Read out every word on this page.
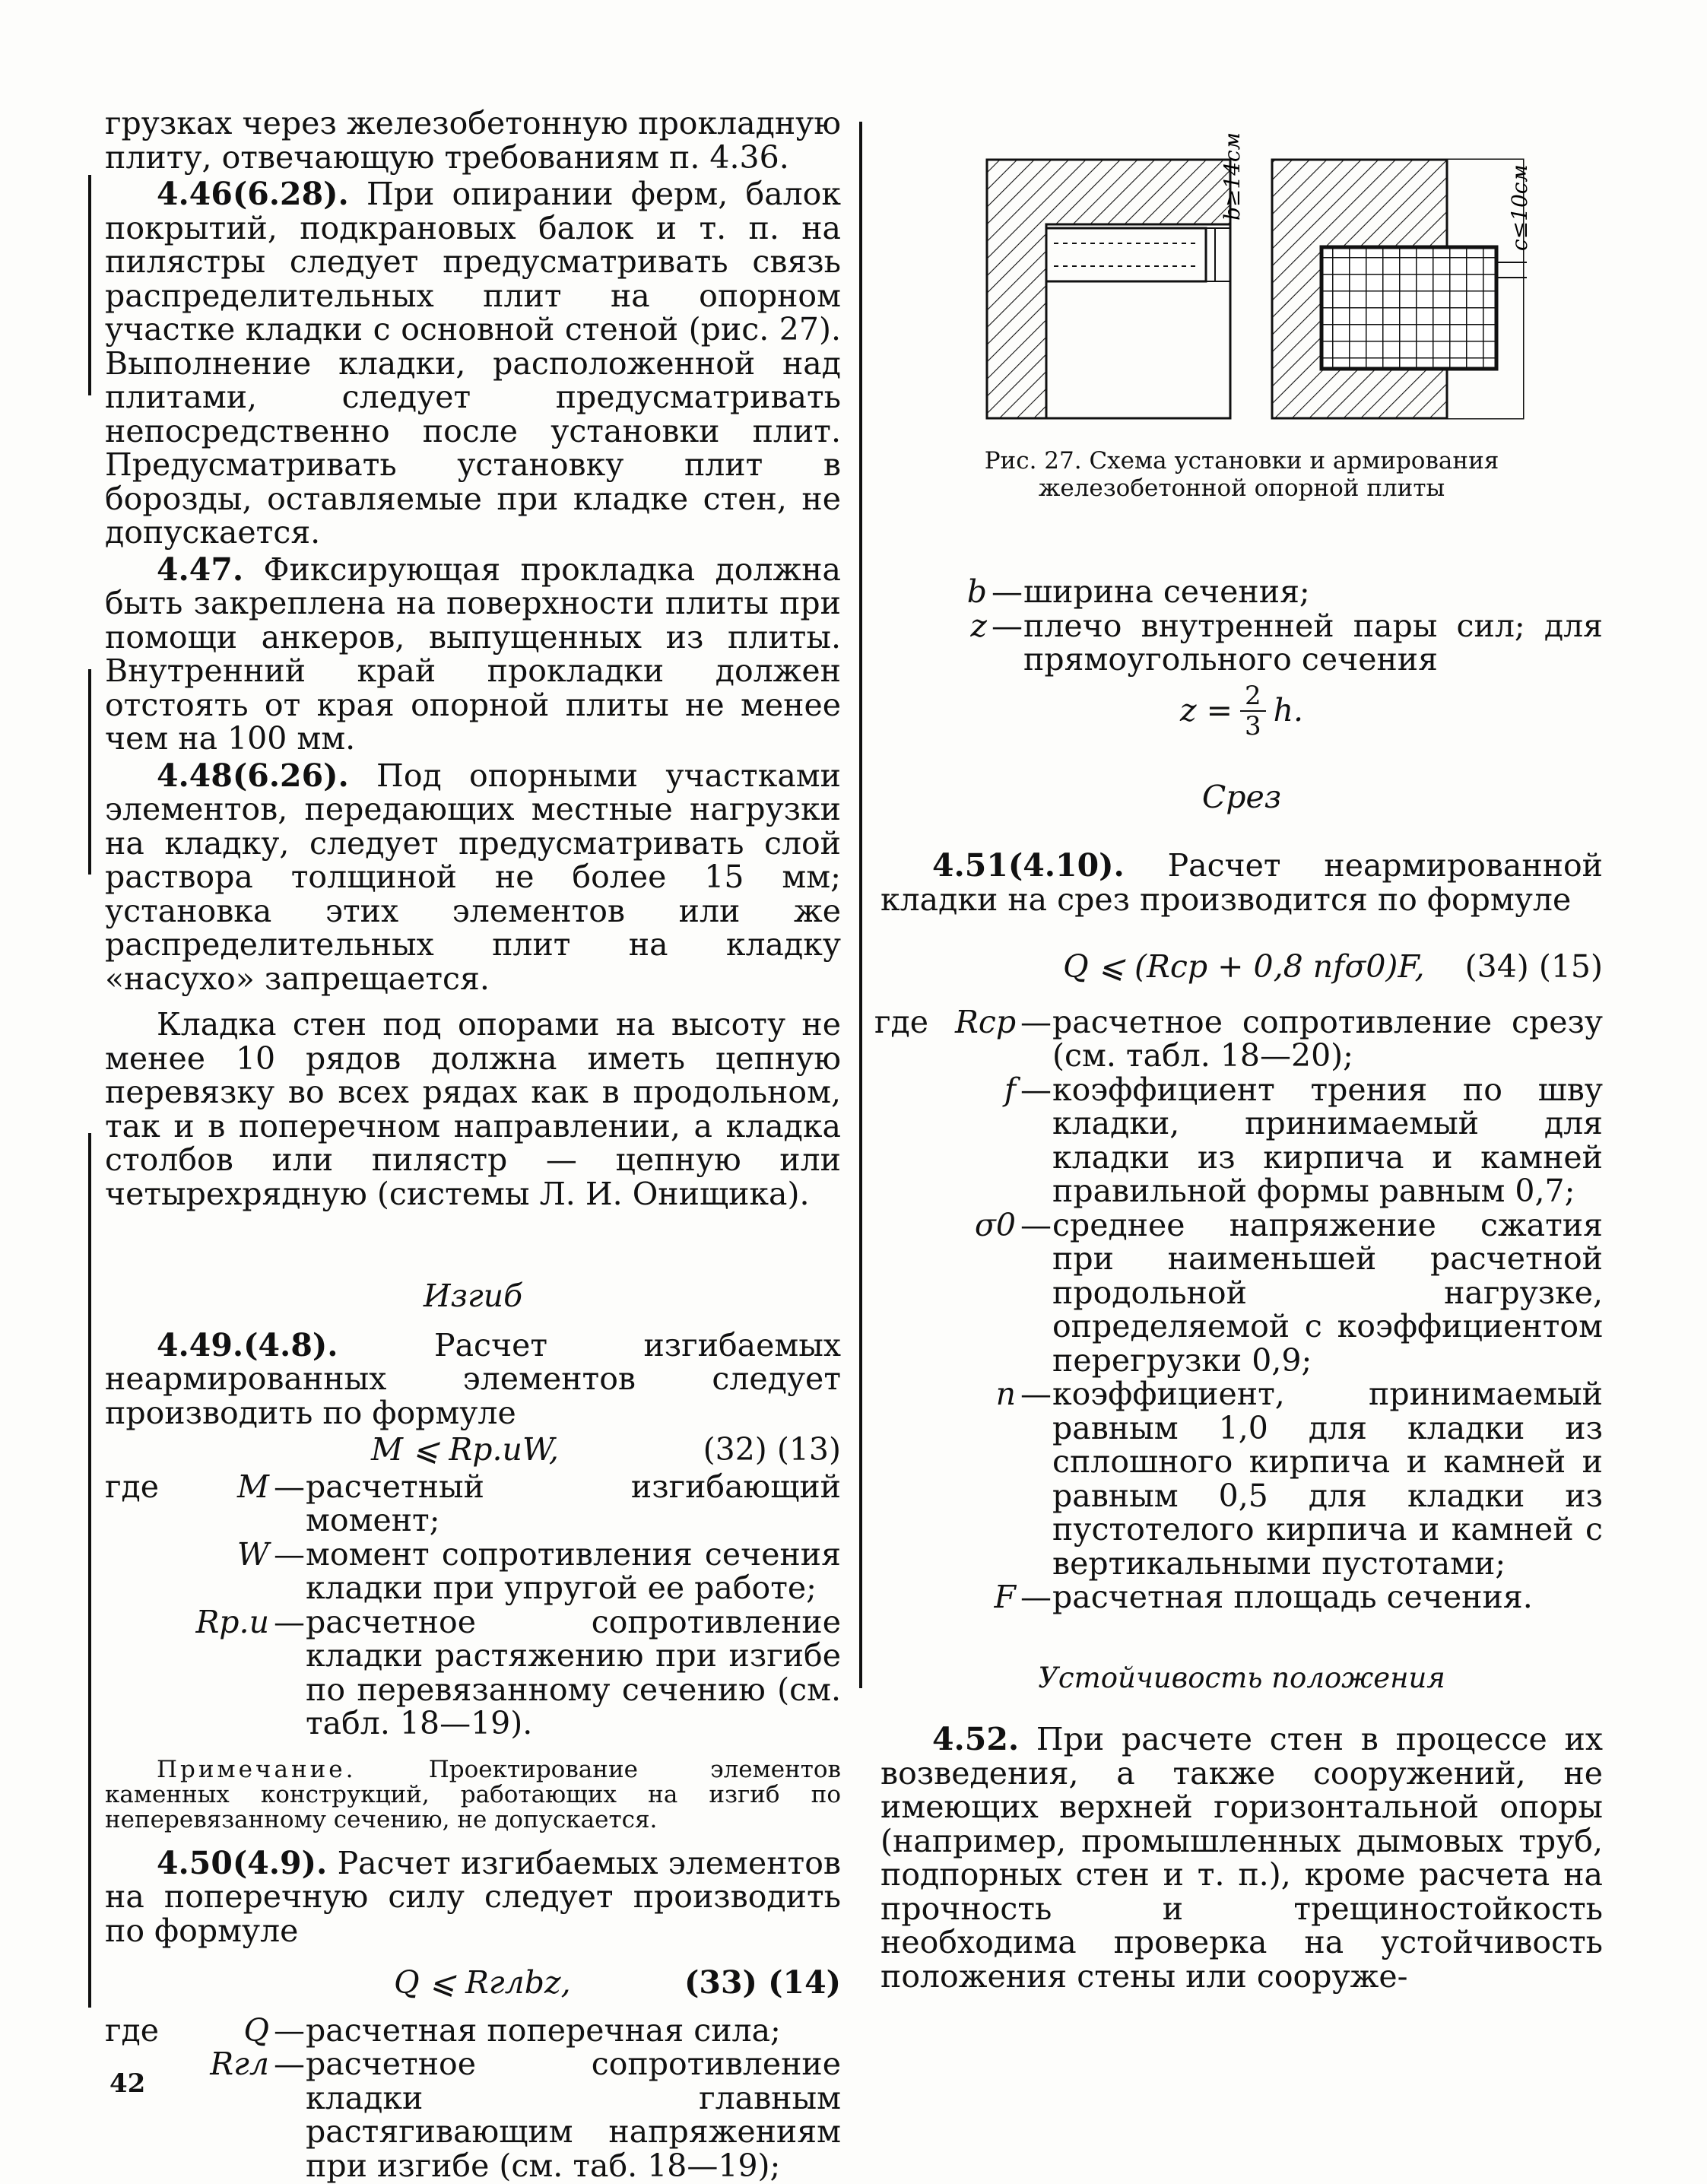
грузках через железобетонную прокладную плиту, отвечающую требованиям п. 4.36.

4.46(6.28). При опирании ферм, балок покрытий, подкрановых балок и т. п. на пилястры следует предусматривать связь распределительных плит на опорном участке кладки с основной стеной (рис. 27). Выполнение кладки, расположенной над плитами, следует предусматривать непосредственно после установки плит. Предусматривать установку плит в борозды, оставляемые при кладке стен, не допускается.

4.47. Фиксирующая прокладка должна быть закреплена на поверхности плиты при помощи анкеров, выпущенных из плиты. Внутренний край прокладки должен отстоять от края опорной плиты не менее чем на 100 мм.

4.48(6.26). Под опорными участками элементов, передающих местные нагрузки на кладку, следует предусматривать слой раствора толщиной не более 15 мм; установка этих элементов или же распределительных плит на кладку «насухо» запрещается.

Кладка стен под опорами на высоту не менее 10 рядов должна иметь цепную перевязку во всех рядах как в продольном, так и в поперечном направлении, а кладка столбов или пилястр — цепную или четырехрядную (системы Л. И. Онищика).

Изгиб

4.49.(4.8). Расчет изгибаемых неармированных элементов следует производить по формуле

M ⩽ Rр.иW,	(32) (13)
где	M — расчетный изгибающий момент;
W — момент сопротивления сечения кладки при упругой ее работе;
Rр.и — расчетное сопротивление кладки растяжению при изгибе по перевязанному сечению (см. табл. 18—19).

Примечание. Проектирование элементов каменных конструкций, работающих на изгиб по неперевязанному сечению, не допускается.

4.50(4.9). Расчет изгибаемых элементов на поперечную силу следует производить по формуле

Q ⩽ Rглbz,	(33) (14)
где	Q — расчетная поперечная сила;
Rгл — расчетное сопротивление кладки главным растягивающим напряжениям при изгибе (см. таб. 18—19);
b≥14см	c≤10см

Рис. 27. Схема установки и армирования железобетонной опорной плиты

b — ширина сечения;
z — плечо внутренней пары сил; для прямоугольного сечения
$z = \frac{2}{3} h$.

Срез

4.51(4.10). Расчет неармированной кладки на срез производится по формуле

Q ⩽ (Rср + 0,8 nfσ0)F, (34) (15)
где Rср — расчетное сопротивление срезу (см. табл. 18—20);
f — коэффициент трения по шву кладки, принимаемый для кладки из кирпича и камней правильной формы равным 0,7;
σ0 — среднее напряжение сжатия при наименьшей расчетной продольной нагрузке, определяемой с коэффициентом перегрузки 0,9;
n — коэффициент, принимаемый равным 1,0 для кладки из сплошного кирпича и камней и равным 0,5 для кладки из пустотелого кирпича и камней с вертикальными пустотами;
F — расчетная площадь сечения.

Устойчивость положения

4.52. При расчете стен в процессе их возведения, а также сооружений, не имеющих верхней горизонтальной опоры (например, промышленных дымовых труб, подпорных стен и т. п.), кроме расчета на прочность и трещиностойкость необходима проверка на устойчивость положения стены или сооруже-

42
